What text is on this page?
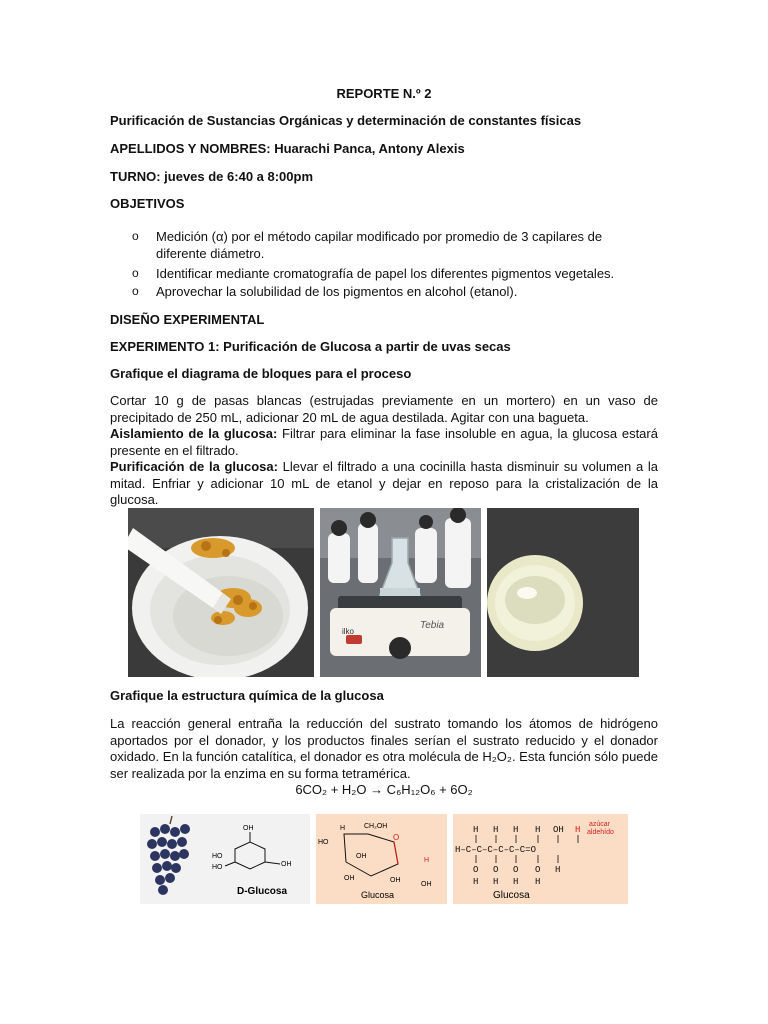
REPORTE N.º 2
Purificación de Sustancias Orgánicas y determinación de constantes físicas
APELLIDOS Y NOMBRES: Huarachi Panca, Antony Alexis
TURNO: jueves de 6:40 a 8:00pm
OBJETIVOS
o Medición (α) por el método capilar modificado por promedio de 3 capilares de
diferente diámetro.
o Identificar mediante cromatografía de papel los diferentes pigmentos vegetales.
o Aprovechar la solubilidad de los pigmentos en alcohol (etanol).
DISEÑO EXPERIMENTAL
EXPERIMENTO 1: Purificación de Glucosa a partir de uvas secas
Grafique el diagrama de bloques para el proceso
Cortar 10 g de pasas blancas (estrujadas previamente en un mortero) en un vaso de precipitado de 250 mL, adicionar 20 mL de agua destilada. Agitar con una bagueta.
Aislamiento de la glucosa: Filtrar para eliminar la fase insoluble en agua, la glucosa estará presente en el filtrado.
Purificación de la glucosa: Llevar el filtrado a una cocinilla hasta disminuir su volumen a la mitad. Enfriar y adicionar 10 mL de etanol y dejar en reposo para la cristalización de la glucosa.
Grafique la estructura química de la glucosa
La reacción general entraña la reducción del sustrato tomando los átomos de hidrógeno aportados por el donador, y los productos finales serían el sustrato reducido y el donador oxidado. En la función catalítica, el donador es otra molécula de H₂O₂. Esta función sólo puede ser realizada por la enzima en su forma tetramérica.
6CO₂ + H₂O → C₆H₁₂O₆ + 6O₂
ilko
Tebia
OH
HO
HO	OH
D-Glucosa
H	CH₂OH
O
HO
OH
H
OH	OH
OH
Glucosa
H H H H OH H
H–C–C–C–C–C–C=O
O O O O H
H H H H
azúcar
aldehído
Glucosa
